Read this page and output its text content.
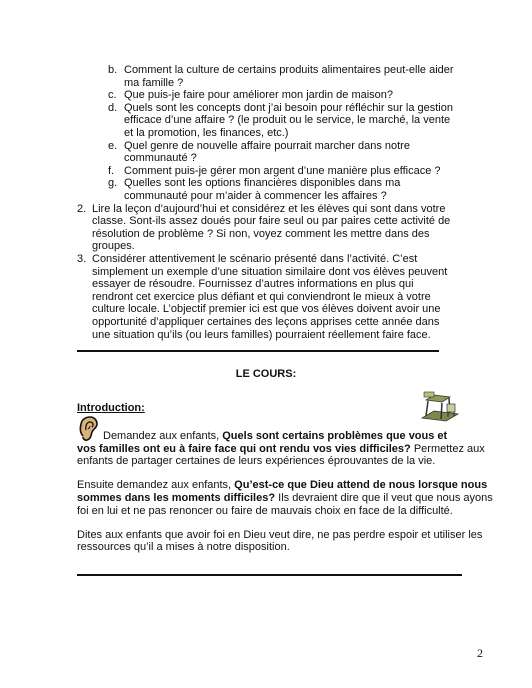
b. Comment la culture de certains produits alimentaires peut-elle aider
ma famille ?
c. Que puis-je faire pour améliorer mon jardin de maison?
d. Quels sont les concepts dont j’ai besoin pour réfléchir sur la gestion
efficace d’une affaire ? (le produit ou le service, le marché, la vente
et la promotion, les finances, etc.)
e. Quel genre de nouvelle affaire pourrait marcher dans notre
communauté ?
f. Comment puis-je gérer mon argent d’une manière plus efficace ?
g. Quelles sont les options financières disponibles dans ma
communauté pour m’aider à commencer les affaires ?
2. Lire la leçon d’aujourd’hui et considérez et les élèves qui sont dans votre
classe. Sont-ils assez doués pour faire seul ou par paires cette activité de
résolution de problème ? Si non, voyez comment les mettre dans des
groupes.
3. Considérer attentivement le scénario présenté dans l’activité. C’est
simplement un exemple d’une situation similaire dont vos élèves peuvent
essayer de résoudre. Fournissez d’autres informations en plus qui
rendront cet exercice plus défiant et qui conviendront le mieux à votre
culture locale. L’objectif premier ici est que vos élèves doivent avoir une
opportunité d’appliquer certaines des leçons apprises cette année dans
une situation qu’ils (ou leurs familles) pourraient réellement faire face.
LE COURS:
Introduction:
Demandez aux enfants, Quels sont certains problèmes que vous et
vos familles ont eu à faire face qui ont rendu vos vies difficiles? Permettez aux
enfants de partager certaines de leurs expériences éprouvantes de la vie.
Ensuite demandez aux enfants, Qu’est-ce que Dieu attend de nous lorsque nous
sommes dans les moments difficiles? Ils devraient dire que il veut que nous ayons
foi en lui et ne pas renoncer ou faire de mauvais choix en face de la difficulté.
Dites aux enfants que avoir foi en Dieu veut dire, ne pas perdre espoir et utiliser les
ressources qu’il a mises à notre disposition.
2
